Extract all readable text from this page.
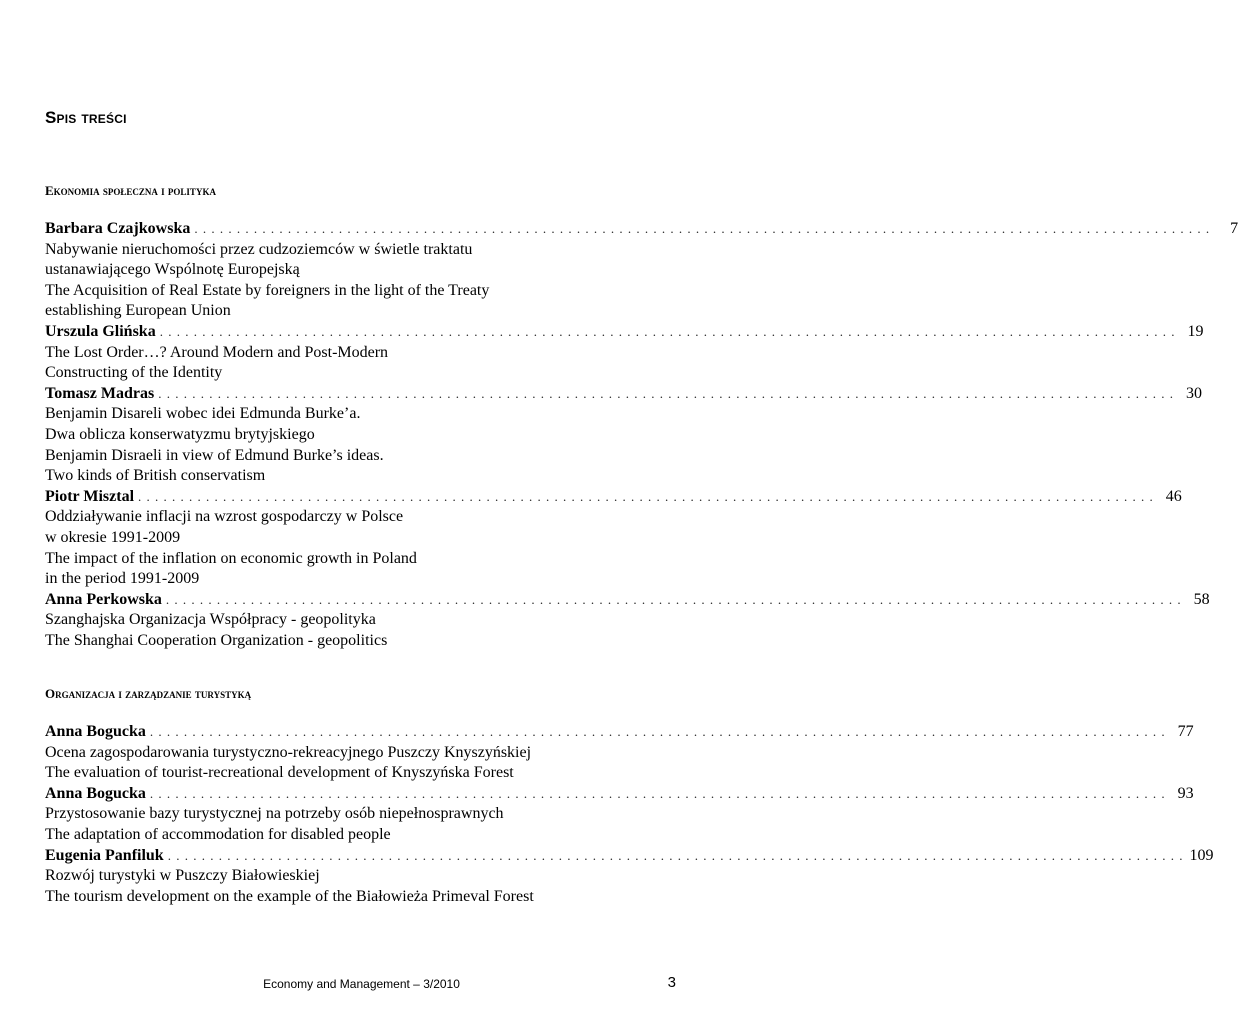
Spis treści
Ekonomia społeczna i polityka
Barbara Czajkowska . . . . . . . . . . . . . . . . . . . . . . . . . . . . . . . . . . . . . . . . . . . . . . . . . . . . . . . . . . . . . . . . . . . . . . . . . . . . . . . . . . . . . . . . . . . . . . . . . . . . . . . . . . . . . . . . . . . . . . . .	7
Nabywanie nieruchomości przez cudzoziemców w świetle traktatu
ustanawiającego Wspólnotę Europejską
The Acquisition of Real Estate by foreigners in the light of the Treaty
establishing European Union
Urszula Glińska . . . . . . . . . . . . . . . . . . . . . . . . . . . . . . . . . . . . . . . . . . . . . . . . . . . . . . . . . . . . . . . . . . . . . . . . . . . . . . . . . . . . . . . . . . . . . . . . . . . . . . . . . . . . . . . . . . . . . . . . 19
The Lost Order…? Around Modern and Post-Modern
Constructing of the Identity
Tomasz Madras . . . . . . . . . . . . . . . . . . . . . . . . . . . . . . . . . . . . . . . . . . . . . . . . . . . . . . . . . . . . . . . . . . . . . . . . . . . . . . . . . . . . . . . . . . . . . . . . . . . . . . . . . . . . . . . . . . . . . . . . 30
Benjamin Disareli wobec idei Edmunda Burke’a.
Dwa oblicza konserwatyzmu brytyjskiego
Benjamin Disraeli in view of Edmund Burke’s ideas.
Two kinds of British conservatism
Piotr Misztal . . . . . . . . . . . . . . . . . . . . . . . . . . . . . . . . . . . . . . . . . . . . . . . . . . . . . . . . . . . . . . . . . . . . . . . . . . . . . . . . . . . . . . . . . . . . . . . . . . . . . . . . . . . . . . . . . . . . . . . . 46
Oddziaływanie inflacji na wzrost gospodarczy w Polsce
w okresie 1991-2009
The impact of the inflation on economic growth in Poland
in the period 1991-2009
Anna Perkowska . . . . . . . . . . . . . . . . . . . . . . . . . . . . . . . . . . . . . . . . . . . . . . . . . . . . . . . . . . . . . . . . . . . . . . . . . . . . . . . . . . . . . . . . . . . . . . . . . . . . . . . . . . . . . . . . . . . . . . . . 58
Szanghajska Organizacja Współpracy - geopolityka
The Shanghai Cooperation Organization - geopolitics
Organizacja i zarządzanie turystyką
Anna Bogucka . . . . . . . . . . . . . . . . . . . . . . . . . . . . . . . . . . . . . . . . . . . . . . . . . . . . . . . . . . . . . . . . . . . . . . . . . . . . . . . . . . . . . . . . . . . . . . . . . . . . . . . . . . . . . . . . . . . . . . . . 77
Ocena zagospodarowania turystyczno-rekreacyjnego Puszczy Knyszyńskiej
The evaluation of tourist-recreational development of Knyszyńska Forest
Anna Bogucka . . . . . . . . . . . . . . . . . . . . . . . . . . . . . . . . . . . . . . . . . . . . . . . . . . . . . . . . . . . . . . . . . . . . . . . . . . . . . . . . . . . . . . . . . . . . . . . . . . . . . . . . . . . . . . . . . . . . . . . . 93
Przystosowanie bazy turystycznej na potrzeby osób niepełnosprawnych
The adaptation of accommodation for disabled people
Eugenia Panfiluk . . . . . . . . . . . . . . . . . . . . . . . . . . . . . . . . . . . . . . . . . . . . . . . . . . . . . . . . . . . . . . . . . . . . . . . . . . . . . . . . . . . . . . . . . . . . . . . . . . . . . . . . . . . . . . . . . . . . . . . . 109
Rozwój turystyki w Puszczy Białowieskiej
The tourism development on the example of the Białowieża Primeval Forest
Economy and Management – 3/2010	3
